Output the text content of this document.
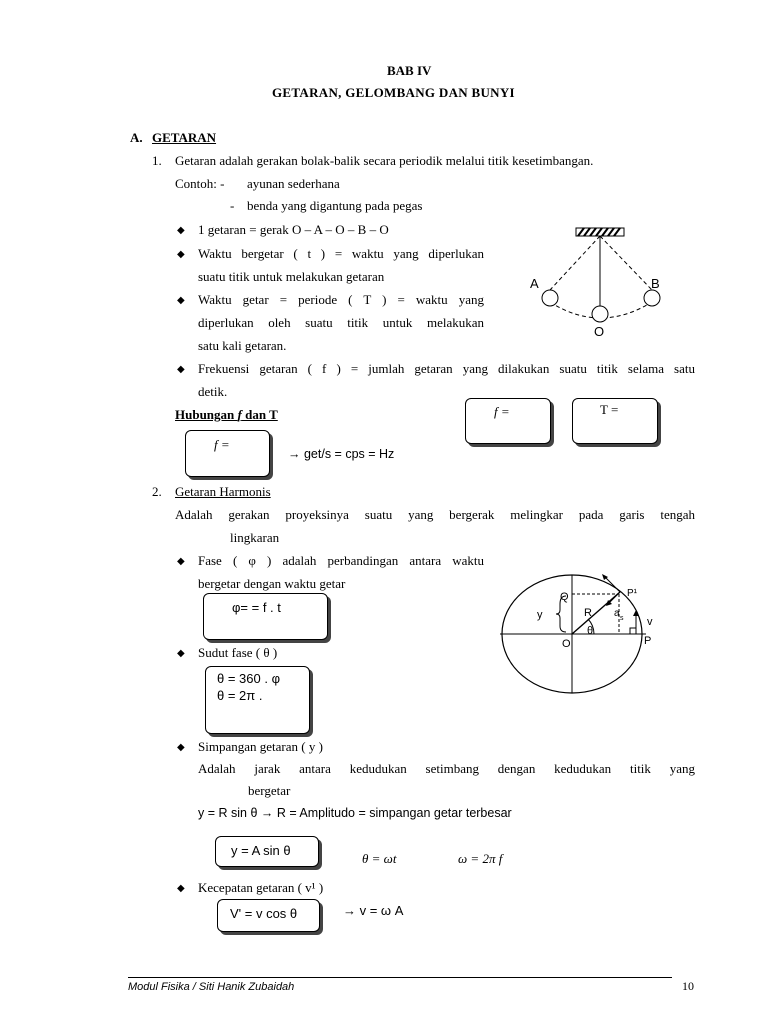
BAB IV
GETARAN, GELOMBANG DAN BUNYI
A. GETARAN
1. Getaran adalah gerakan bolak-balik secara periodik melalui titik kesetimbangan.
Contoh: - ayunan sederhana
- benda yang digantung pada pegas
◆ 1 getaran = gerak O – A – O – B – O
◆ Waktu bergetar ( t ) = waktu yang diperlukan
suatu titik untuk melakukan getaran
◆ Waktu getar = periode ( T ) = waktu yang
diperlukan oleh suatu titik untuk melakukan
satu kali getaran.
◆ Frekuensi getaran ( f ) = jumlah getaran yang dilakukan suatu titik selama satu
detik.
A	B
O
Hubungan f dan T	f =	T =
f =
→ get/s = cps = Hz
2. Getaran Harmonis
Adalah gerakan proyeksinya suatu yang bergerak melingkar pada garis tengah
lingkaran
◆ Fase ( φ ) adalah perbandingan antara waktu
bergetar dengan waktu getar
φ= = f . t
◆ Sudut fase ( θ )
θ = 360 . φ
θ = 2π .
Q	P¹
y	R a s v
θ
O	P
◆ Simpangan getaran ( y )
Adalah jarak antara kedudukan setimbang dengan kedudukan titik yang
bergetar
y = R sin θ → R = Amplitudo = simpangan getar terbesar
y = A sin θ
θ = ωt	ω = 2π f
◆ Kecepatan getaran ( v¹ )
V' = v cos θ	→ v = ω A
Modul Fisika / Siti Hanik Zubaidah	10
